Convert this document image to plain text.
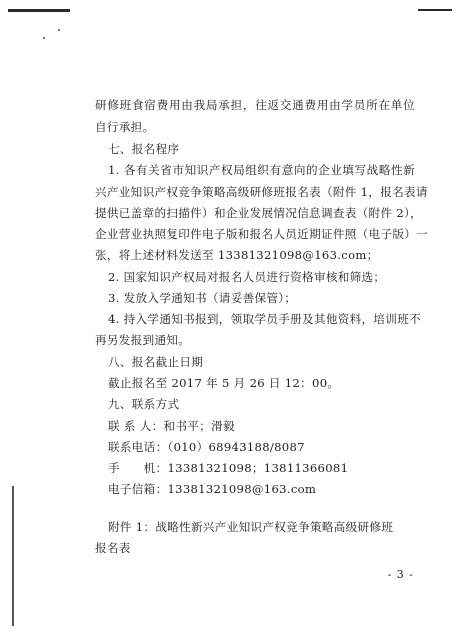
研修班食宿费用由我局承担，往返交通费用由学员所在单位
自行承担。
七、报名程序
1. 各有关省市知识产权局组织有意向的企业填写战略性新
兴产业知识产权竞争策略高级研修班报名表（附件 1，报名表请
提供已盖章的扫描件）和企业发展情况信息调查表（附件 2），
企业营业执照复印件电子版和报名人员近期证件照（电子版）一
张，将上述材料发送至 13381321098@163.com；
2. 国家知识产权局对报名人员进行资格审核和筛选；
3. 发放入学通知书（请妥善保管）；
4. 持入学通知书报到，领取学员手册及其他资料，培训班不
再另发报到通知。
八、报名截止日期
截止报名至 2017 年 5 月 26 日 12：00。
九、联系方式
联 系 人：和书平；滑毅
联系电话：（010）68943188/8087
手　　机：13381321098；13811366081
电子信箱：13381321098@163.com
附件 1：战略性新兴产业知识产权竞争策略高级研修班
报名表
- 3 -
